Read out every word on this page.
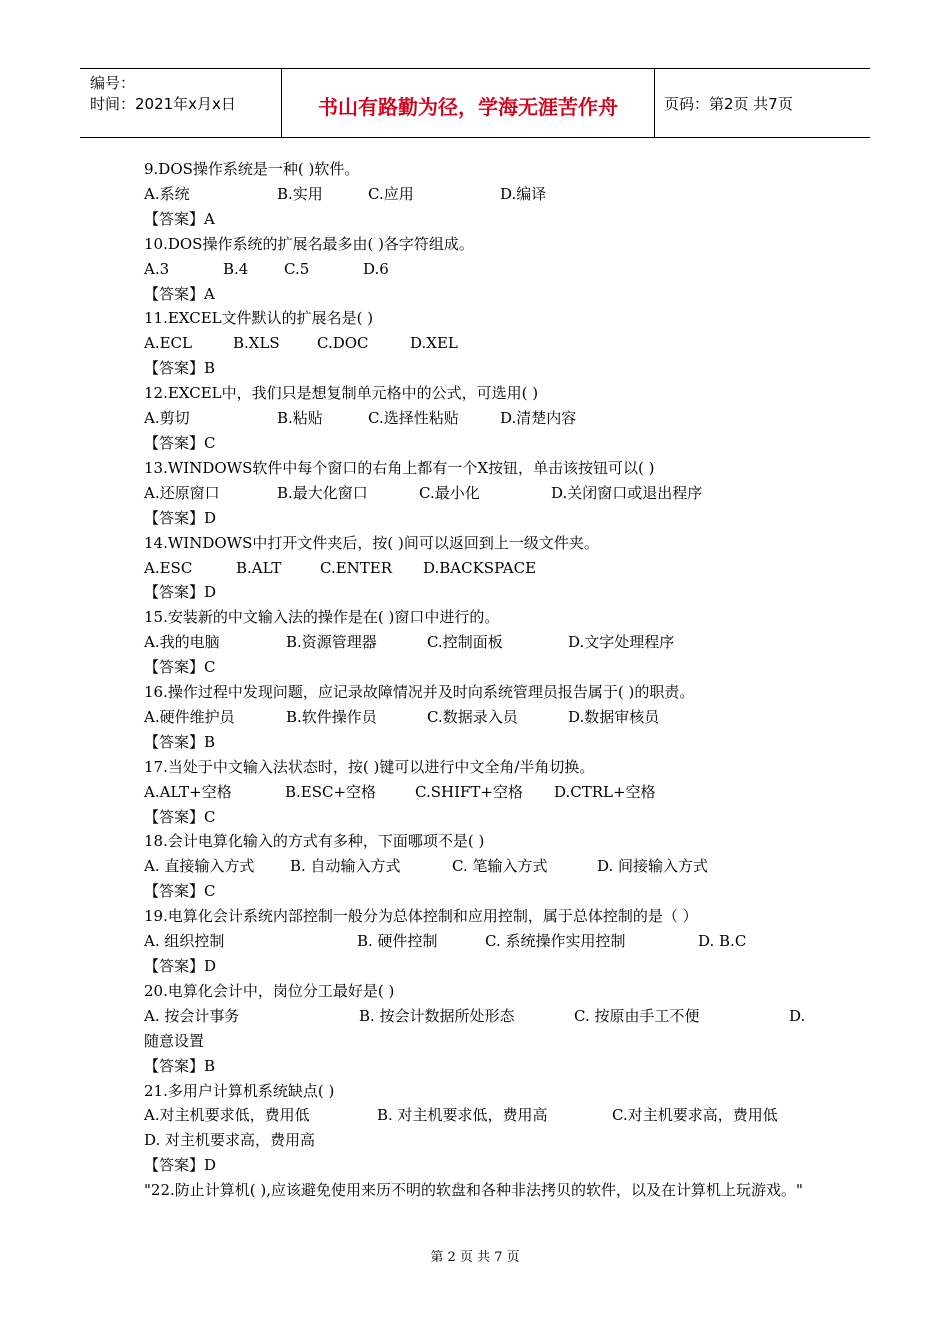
编号：
时间：2021年x月x日	书山有路勤为径，学海无涯苦作舟	页码：第2页 共7页
9.DOS操作系统是一种( )软件。
A.系统	B.实用	C.应用	D.编译
【答案】A
10.DOS操作系统的扩展名最多由( )各字符组成。
A.3	B.4	C.5	D.6
【答案】A
11.EXCEL文件默认的扩展名是( )
A.ECL	B.XLS	C.DOC	D.XEL
【答案】B
12.EXCEL中，我们只是想复制单元格中的公式，可选用( )
A.剪切	B.粘贴	C.选择性粘贴	D.清楚内容
【答案】C
13.WINDOWS软件中每个窗口的右角上都有一个X按钮，单击该按钮可以( )
A.还原窗口	B.最大化窗口	C.最小化	D.关闭窗口或退出程序
【答案】D
14.WINDOWS中打开文件夹后，按( )间可以返回到上一级文件夹。
A.ESC	B.ALT	C.ENTER	D.BACKSPACE
【答案】D
15.安装新的中文输入法的操作是在( )窗口中进行的。
A.我的电脑	B.资源管理器	C.控制面板	D.文字处理程序
【答案】C
16.操作过程中发现问题，应记录故障情况并及时向系统管理员报告属于( )的职责。
A.硬件维护员	B.软件操作员	C.数据录入员	D.数据审核员
【答案】B
17.当处于中文输入法状态时，按( )键可以进行中文全角/半角切换。
A.ALT+空格	B.ESC+空格	C.SHIFT+空格	D.CTRL+空格
【答案】C
18.会计电算化输入的方式有多种，下面哪项不是( )
A. 直接输入方式	B. 自动输入方式	C. 笔输入方式	D. 间接输入方式
【答案】C
19.电算化会计系统内部控制一般分为总体控制和应用控制，属于总体控制的是（ ）
A. 组织控制	B. 硬件控制	C. 系统操作实用控制	D. B.C
【答案】D
20.电算化会计中，岗位分工最好是( )
A. 按会计事务	B. 按会计数据所处形态	C. 按原由手工不便	D.
随意设置
【答案】B
21.多用户计算机系统缺点( )
A.对主机要求低，费用低	B. 对主机要求低，费用高	C.对主机要求高，费用低
D. 对主机要求高，费用高
【答案】D
"22.防止计算机( ),应该避免使用来历不明的软盘和各种非法拷贝的软件，以及在计算机上玩游戏。"
第 2 页 共 7 页
